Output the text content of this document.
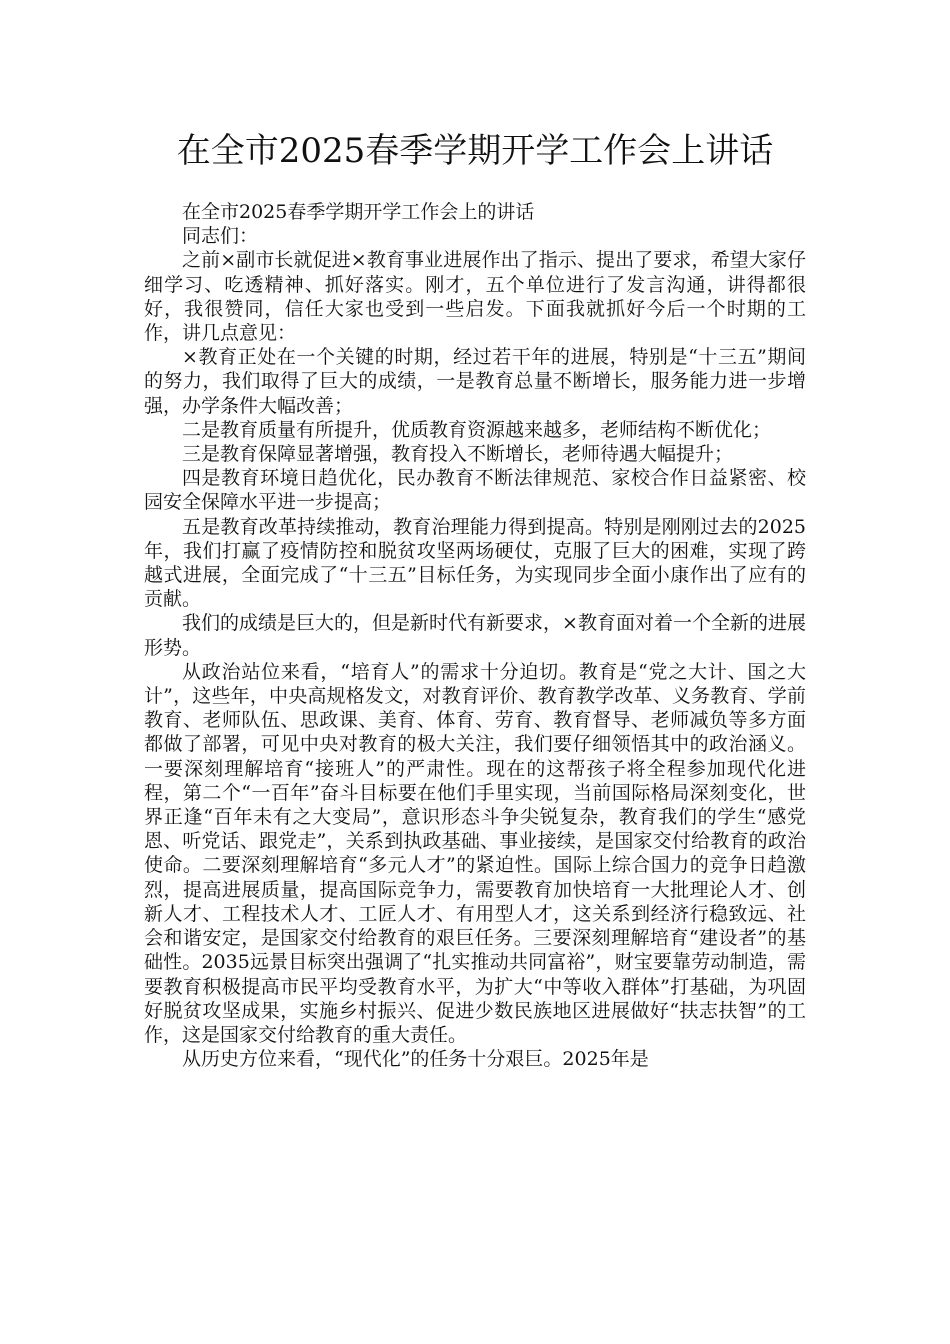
在全市2025春季学期开学工作会上讲话

在全市2025春季学期开学工作会上的讲话

同志们：

之前×副市长就促进×教育事业进展作出了指示、提出了要求，希望大家仔细学习、吃透精神、抓好落实。刚才，五个单位进行了发言沟通，讲得都很好，我很赞同，信任大家也受到一些启发。下面我就抓好今后一个时期的工作，讲几点意见：

×教育正处在一个关键的时期，经过若干年的进展，特别是“十三五”期间的努力，我们取得了巨大的成绩，一是教育总量不断增长，服务能力进一步增强，办学条件大幅改善；

二是教育质量有所提升，优质教育资源越来越多，老师结构不断优化；

三是教育保障显著增强，教育投入不断增长，老师待遇大幅提升；

四是教育环境日趋优化，民办教育不断法律规范、家校合作日益紧密、校园安全保障水平进一步提高；

五是教育改革持续推动，教育治理能力得到提高。特别是刚刚过去的2025年，我们打赢了疫情防控和脱贫攻坚两场硬仗，克服了巨大的困难，实现了跨越式进展，全面完成了“十三五”目标任务，为实现同步全面小康作出了应有的贡献。

我们的成绩是巨大的，但是新时代有新要求，×教育面对着一个全新的进展形势。

从政治站位来看，“培育人”的需求十分迫切。教育是“党之大计、国之大计”，这些年，中央高规格发文，对教育评价、教育教学改革、义务教育、学前教育、老师队伍、思政课、美育、体育、劳育、教育督导、老师减负等多方面都做了部署，可见中央对教育的极大关注，我们要仔细领悟其中的政治涵义。一要深刻理解培育“接班人”的严肃性。现在的这帮孩子将全程参加现代化进程，第二个“一百年”奋斗目标要在他们手里实现，当前国际格局深刻变化，世界正逢“百年未有之大变局”，意识形态斗争尖锐复杂，教育我们的学生“感党恩、听党话、跟党走”，关系到执政基础、事业接续，是国家交付给教育的政治使命。二要深刻理解培育“多元人才”的紧迫性。国际上综合国力的竞争日趋激烈，提高进展质量，提高国际竞争力，需要教育加快培育一大批理论人才、创新人才、工程技术人才、工匠人才、有用型人才，这关系到经济行稳致远、社会和谐安定，是国家交付给教育的艰巨任务。三要深刻理解培育“建设者”的基础性。2035远景目标突出强调了“扎实推动共同富裕”，财宝要靠劳动制造，需要教育积极提高市民平均受教育水平，为扩大“中等收入群体”打基础，为巩固好脱贫攻坚成果，实施乡村振兴、促进少数民族地区进展做好“扶志扶智”的工作，这是国家交付给教育的重大责任。

从历史方位来看，“现代化”的任务十分艰巨。2025年是
